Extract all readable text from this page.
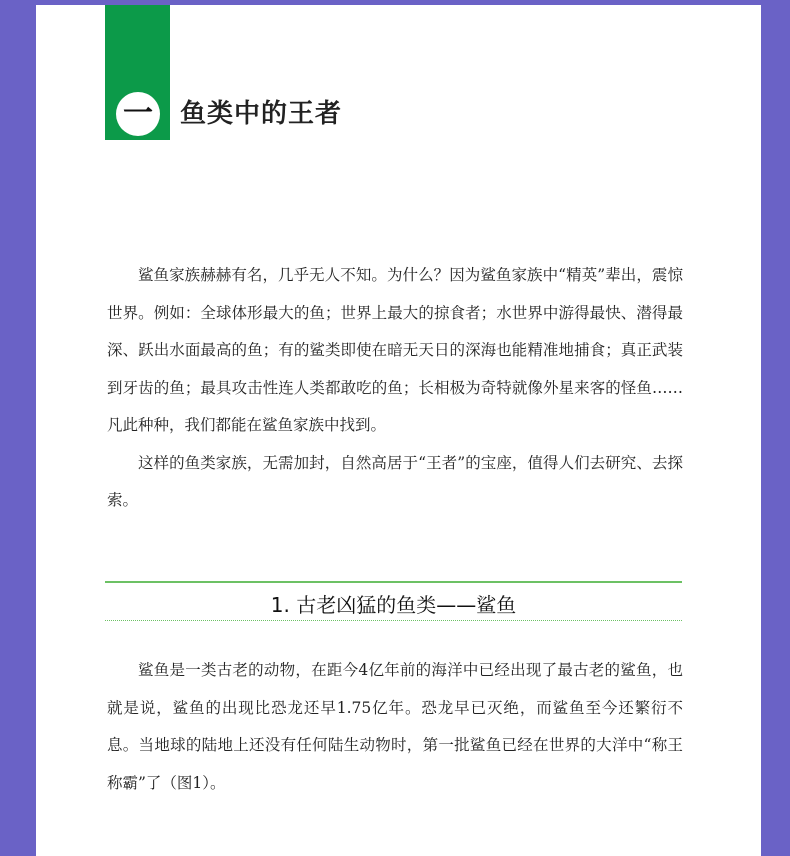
一 鱼类中的王者

鲨鱼家族赫赫有名，几乎无人不知。为什么？因为鲨鱼家族中“精英”辈出，震惊世界。例如：全球体形最大的鱼；世界上最大的掠食者；水世界中游得最快、潜得最深、跃出水面最高的鱼；有的鲨类即使在暗无天日的深海也能精准地捕食；真正武装到牙齿的鱼；最具攻击性连人类都敢吃的鱼；长相极为奇特就像外星来客的怪鱼……凡此种种，我们都能在鲨鱼家族中找到。

这样的鱼类家族，无需加封，自然高居于“王者”的宝座，值得人们去研究、去探索。

1. 古老凶猛的鱼类——鲨鱼

鲨鱼是一类古老的动物，在距今4亿年前的海洋中已经出现了最古老的鲨鱼，也就是说，鲨鱼的出现比恐龙还早1.75亿年。恐龙早已灭绝，而鲨鱼至今还繁衍不息。当地球的陆地上还没有任何陆生动物时，第一批鲨鱼已经在世界的大洋中“称王称霸”了（图1）。
